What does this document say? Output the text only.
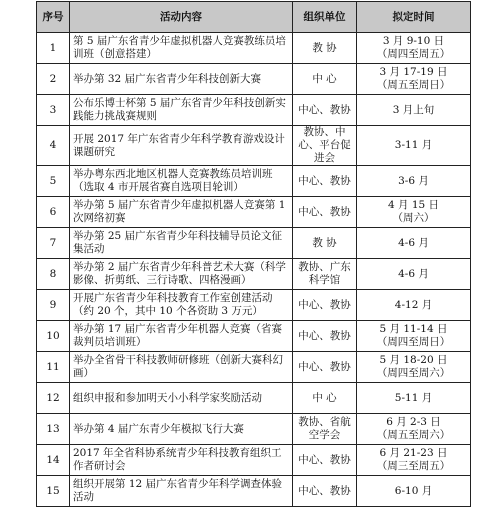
序号	活动内容	组织单位	拟定时间
1	第 5 届广东省青少年虚拟机器人竞赛教练员培训班（创意搭建）	教 协	3 月 9-10 日
（周四至周五）
2	举办第 32 届广东省青少年科技创新大赛	中 心	3 月 17-19 日
（周五至周日）
3	公布乐博士杯第 5 届广东省青少年科技创新实践能力挑战赛规则	中心、教协	3 月上旬
4	开展 2017 年广东省青少年科学教育游戏设计课题研究	教协、中心、平台促进会	3-11 月
5	举办粤东西北地区机器人竞赛教练员培训班（选取 4 市开展省赛自选项目轮训）	中心、教协	3-6 月
6	举办第 5 届广东省青少年虚拟机器人竞赛第 1 次网络初赛	中心、教协	4 月 15 日
（周六）
7	举办第 25 届广东省青少年科技辅导员论文征集活动	教 协	4-6 月
8	举办第 2 届广东省青少年科普艺术大赛（科学影像、折剪纸、三行诗歌、四格漫画）	教协、广东科学馆	4-6 月
9	开展广东省青少年科技教育工作室创建活动（约 20 个，其中 10 个各资助 3 万元）	中心、教协	4-12 月
10	举办第 17 届广东省青少年机器人竞赛（省赛裁判员培训班）	中心、教协	5 月 11-14 日
（周四至周日）
11	举办全省骨干科技教师研修班（创新大赛科幻画）	中心、教协	5 月 18-20 日
（周四至周六）
12	组织申报和参加明天小小科学家奖励活动	中 心	5-11 月
13	举办第 4 届广东青少年模拟飞行大赛	教协、省航空学会	6 月 2-3 日
（周五至周六）
14	2017 年全省科协系统青少年科技教育组织工作者研讨会	中心、教协	6 月 21-23 日
（周三至周五）
15	组织开展第 12 届广东省青少年科学调查体验活动	中心、教协	6-10 月
